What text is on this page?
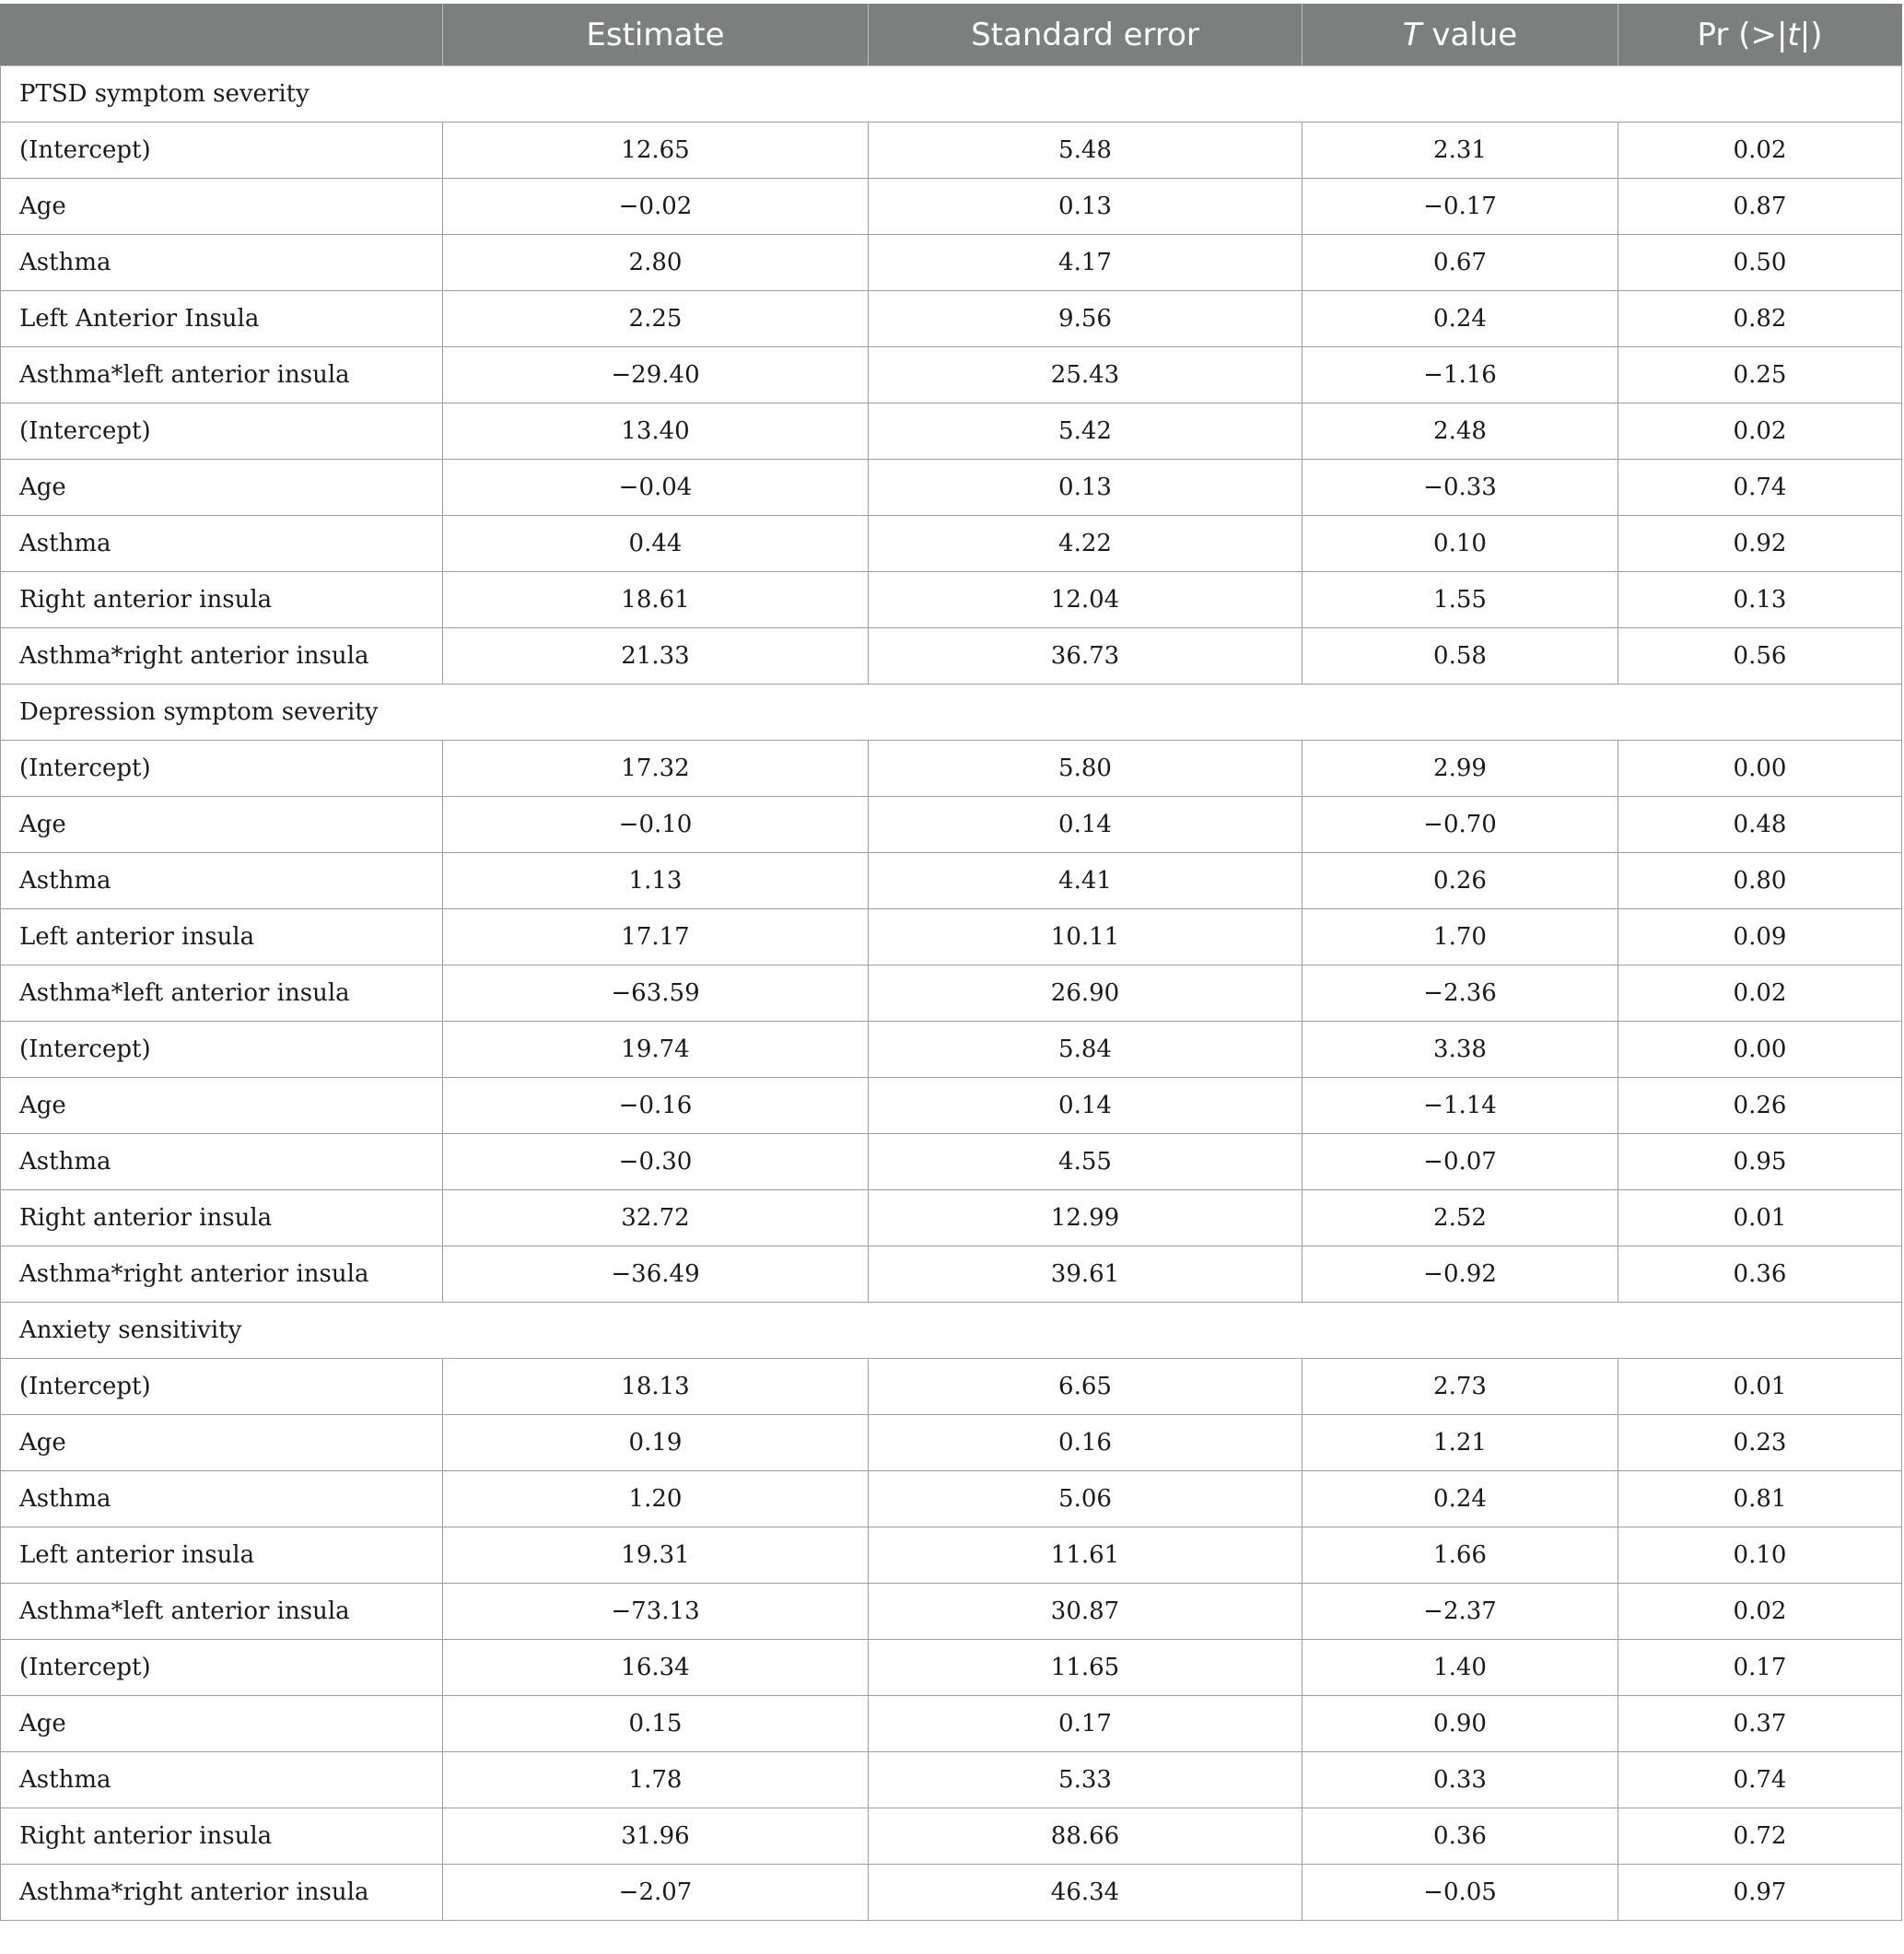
	Estimate	Standard error	T value	Pr (>|t|)
PTSD symptom severity				
(Intercept)	12.65	5.48	2.31	0.02
Age	−0.02	0.13	−0.17	0.87
Asthma	2.80	4.17	0.67	0.50
Left Anterior Insula	2.25	9.56	0.24	0.82
Asthma*left anterior insula	−29.40	25.43	−1.16	0.25
(Intercept)	13.40	5.42	2.48	0.02
Age	−0.04	0.13	−0.33	0.74
Asthma	0.44	4.22	0.10	0.92
Right anterior insula	18.61	12.04	1.55	0.13
Asthma*right anterior insula	21.33	36.73	0.58	0.56
Depression symptom severity				
(Intercept)	17.32	5.80	2.99	0.00
Age	−0.10	0.14	−0.70	0.48
Asthma	1.13	4.41	0.26	0.80
Left anterior insula	17.17	10.11	1.70	0.09
Asthma*left anterior insula	−63.59	26.90	−2.36	0.02
(Intercept)	19.74	5.84	3.38	0.00
Age	−0.16	0.14	−1.14	0.26
Asthma	−0.30	4.55	−0.07	0.95
Right anterior insula	32.72	12.99	2.52	0.01
Asthma*right anterior insula	−36.49	39.61	−0.92	0.36
Anxiety sensitivity				
(Intercept)	18.13	6.65	2.73	0.01
Age	0.19	0.16	1.21	0.23
Asthma	1.20	5.06	0.24	0.81
Left anterior insula	19.31	11.61	1.66	0.10
Asthma*left anterior insula	−73.13	30.87	−2.37	0.02
(Intercept)	16.34	11.65	1.40	0.17
Age	0.15	0.17	0.90	0.37
Asthma	1.78	5.33	0.33	0.74
Right anterior insula	31.96	88.66	0.36	0.72
Asthma*right anterior insula	−2.07	46.34	−0.05	0.97
